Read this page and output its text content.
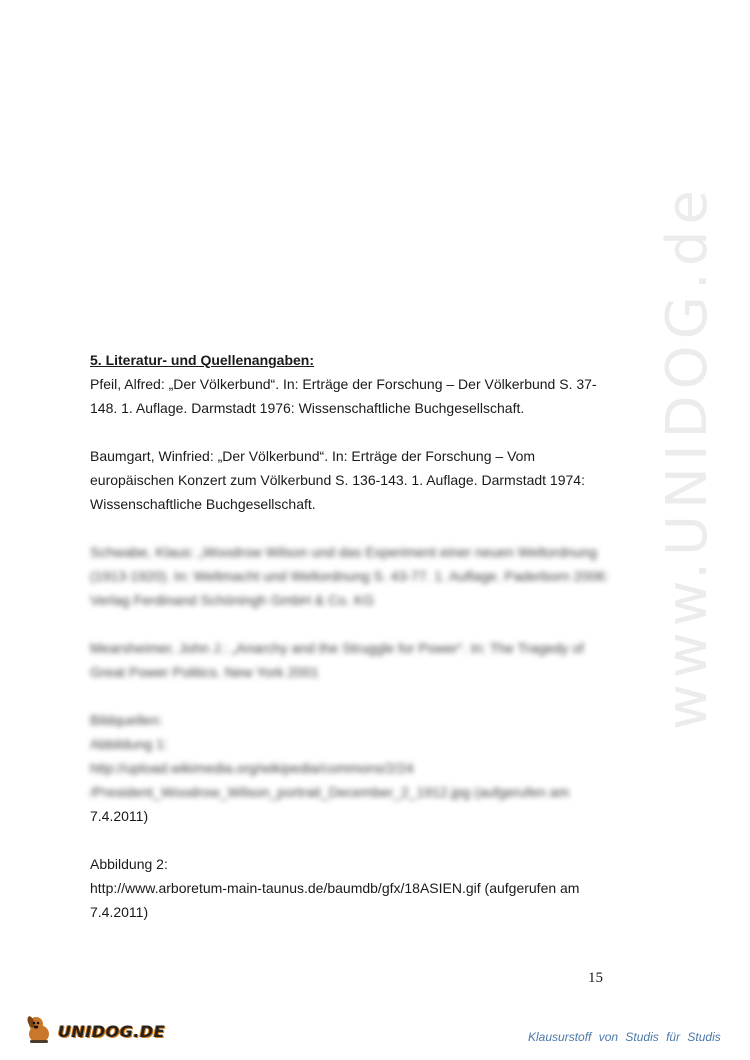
www.UNIDOG.de
5. Literatur- und Quellenangaben:
Pfeil, Alfred: „Der Völkerbund“. In: Erträge der Forschung – Der Völkerbund S. 37-
148. 1. Auflage. Darmstadt 1976: Wissenschaftliche Buchgesellschaft.
Baumgart, Winfried: „Der Völkerbund“. In: Erträge der Forschung – Vom
europäischen Konzert zum Völkerbund S. 136-143. 1. Auflage. Darmstadt 1974:
Wissenschaftliche Buchgesellschaft.
Schwabe, Klaus: „Woodrow Wilson und das Experiment einer neuen Weltordnung
(1913-1920). In: Weltmacht und Weltordnung S. 43-77. 1. Auflage. Paderborn 2006:
Verlag Ferdinand Schöningh GmbH & Co. KG
Mearsheimer, John J.: „Anarchy and the Struggle for Power“. In: The Tragedy of
Great Power Politics. New York 2001
Bildquellen:
Abbildung 1:
http://upload.wikimedia.org/wikipedia/commons/2/24
/President_Woodrow_Wilson_portrait_December_2_1912.jpg (aufgerufen am
7.4.2011)
Abbildung 2:
http://www.arboretum-main-taunus.de/baumdb/gfx/18ASIEN.gif (aufgerufen am
7.4.2011)
15
UNIDOG.DE	Klausurstoff von Studis für Studis
